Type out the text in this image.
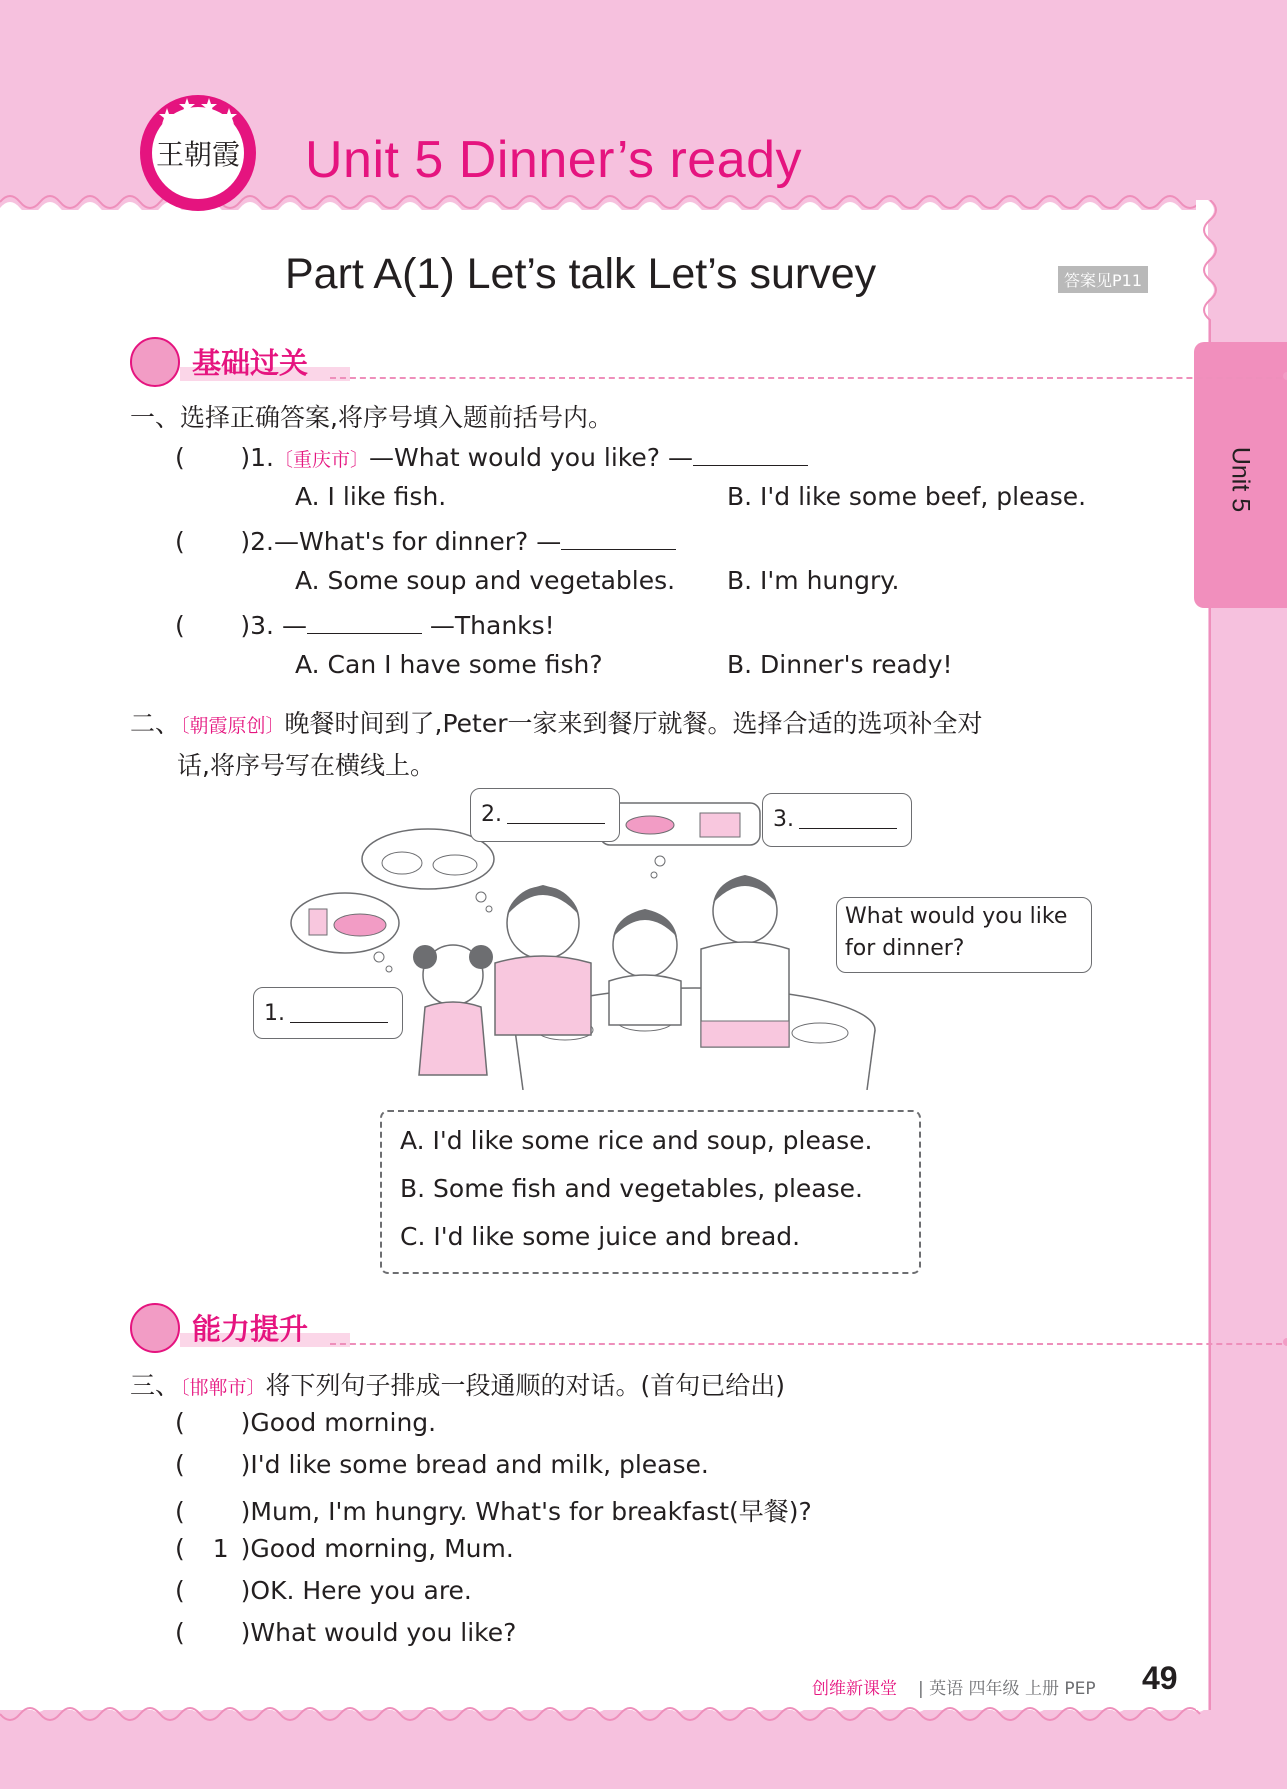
王朝霞 Unit 5 Dinner’s ready
Part A(1) Let’s talk Let’s survey	答案见P11
Unit 5
基础过关
一、选择正确答案,将序号填入题前括号内。
(       )1.〔重庆市〕—What would you like? —
A. I like fish.	B. I'd like some beef, please.
(       )2.—What's for dinner? —
A. Some soup and vegetables. B. I'm hungry.
(       )3. —	—Thanks!
A. Can I have some fish?	B. Dinner's ready!
二、〔朝霞原创〕晚餐时间到了,Peter一家来到餐厅就餐。选择合适的选项补全对
话,将序号写在横线上。
1.
2.	3.
What would you like
for dinner?
A. I'd like some rice and soup, please.
B. Some fish and vegetables, please.
C. I'd like some juice and bread.
能力提升
三、〔邯郸市〕将下列句子排成一段通顺的对话。(首句已给出)
(  )Good morning.
(  )I'd like some bread and milk, please.
(  )Mum, I'm hungry. What's for breakfast(早餐)?
(  1 )Good morning, Mum.
(  )OK. Here you are.
(  )What would you like?
创维新课堂 | 英语 四年级 上册 PEP 49
